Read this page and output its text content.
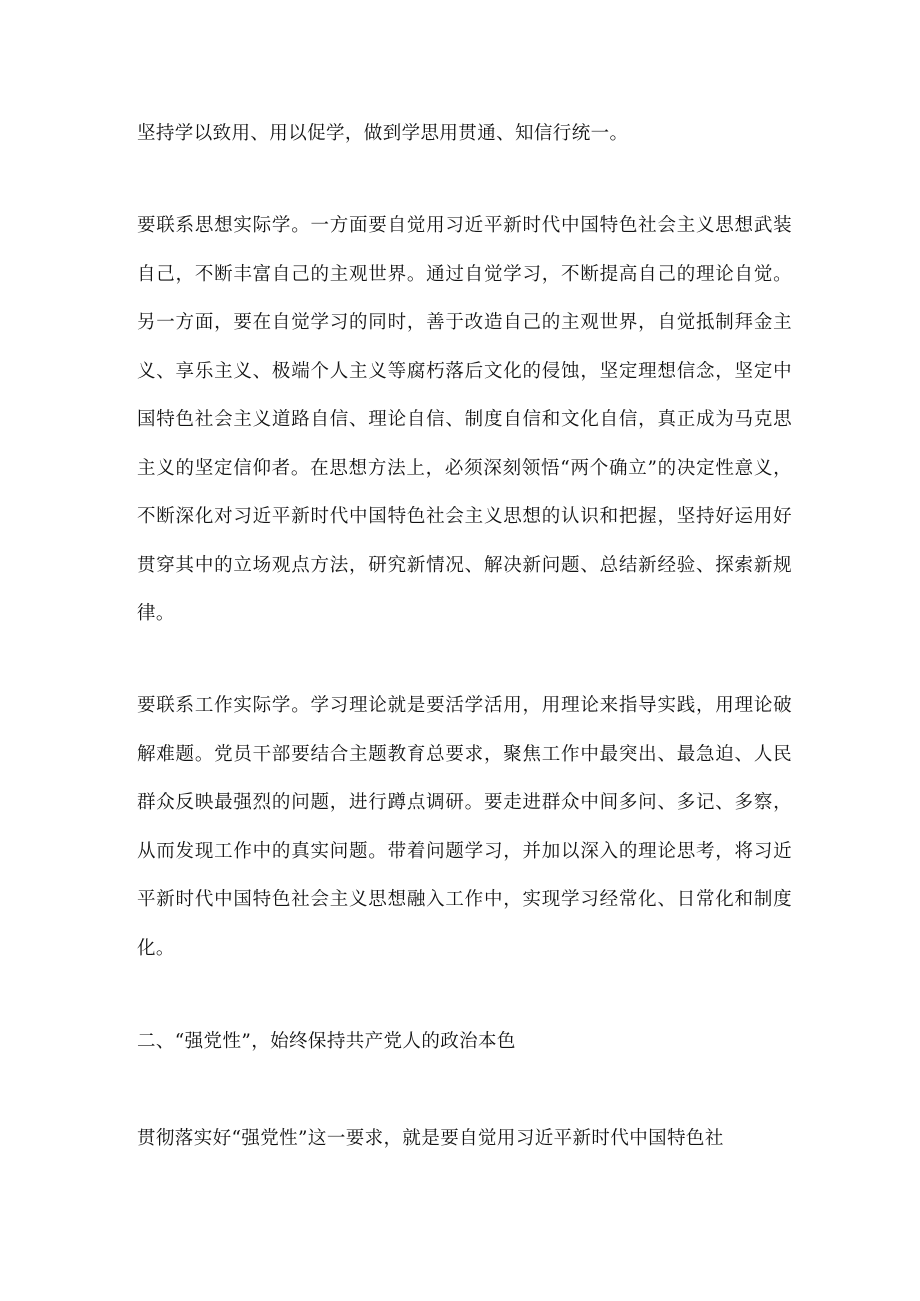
坚持学以致用、用以促学，做到学思用贯通、知信行统一。

要联系思想实际学。一方面要自觉用习近平新时代中国特色社会主义思想武装自己，不断丰富自己的主观世界。通过自觉学习，不断提高自己的理论自觉。另一方面，要在自觉学习的同时，善于改造自己的主观世界，自觉抵制拜金主义、享乐主义、极端个人主义等腐朽落后文化的侵蚀，坚定理想信念，坚定中国特色社会主义道路自信、理论自信、制度自信和文化自信，真正成为马克思主义的坚定信仰者。在思想方法上，必须深刻领悟“两个确立”的决定性意义，不断深化对习近平新时代中国特色社会主义思想的认识和把握，坚持好运用好贯穿其中的立场观点方法，研究新情况、解决新问题、总结新经验、探索新规律。

要联系工作实际学。学习理论就是要活学活用，用理论来指导实践，用理论破解难题。党员干部要结合主题教育总要求，聚焦工作中最突出、最急迫、人民群众反映最强烈的问题，进行蹲点调研。要走进群众中间多问、多记、多察，从而发现工作中的真实问题。带着问题学习，并加以深入的理论思考，将习近平新时代中国特色社会主义思想融入工作中，实现学习经常化、日常化和制度化。

二、“强党性”，始终保持共产党人的政治本色

贯彻落实好“强党性”这一要求，就是要自觉用习近平新时代中国特色社
